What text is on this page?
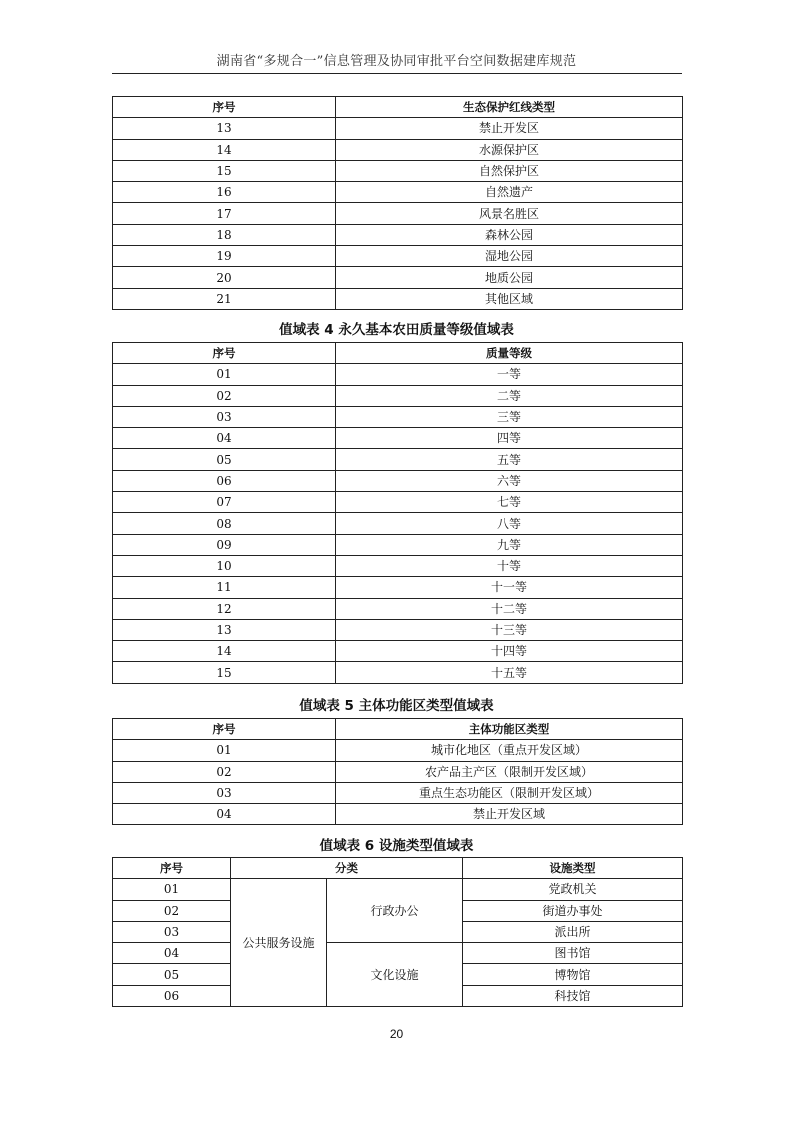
湖南省“多规合一”信息管理及协同审批平台空间数据建库规范
序号	生态保护红线类型
13	禁止开发区
14	水源保护区
15	自然保护区
16	自然遗产
17	风景名胜区
18	森林公园
19	湿地公园
20	地质公园
21	其他区域
值域表 4 永久基本农田质量等级值域表
序号	质量等级
01	一等
02	二等
03	三等
04	四等
05	五等
06	六等
07	七等
08	八等
09	九等
10	十等
11	十一等
12	十二等
13	十三等
14	十四等
15	十五等
值域表 5 主体功能区类型值域表
序号	主体功能区类型
01	城市化地区（重点开发区域）
02	农产品主产区（限制开发区域）
03	重点生态功能区（限制开发区域）
04	禁止开发区域
值域表 6 设施类型值域表
序号	分类		设施类型
01	公共服务设施	行政办公	党政机关
02			街道办事处
03			派出所
04		文化设施	图书馆
05			博物馆
06			科技馆
20
